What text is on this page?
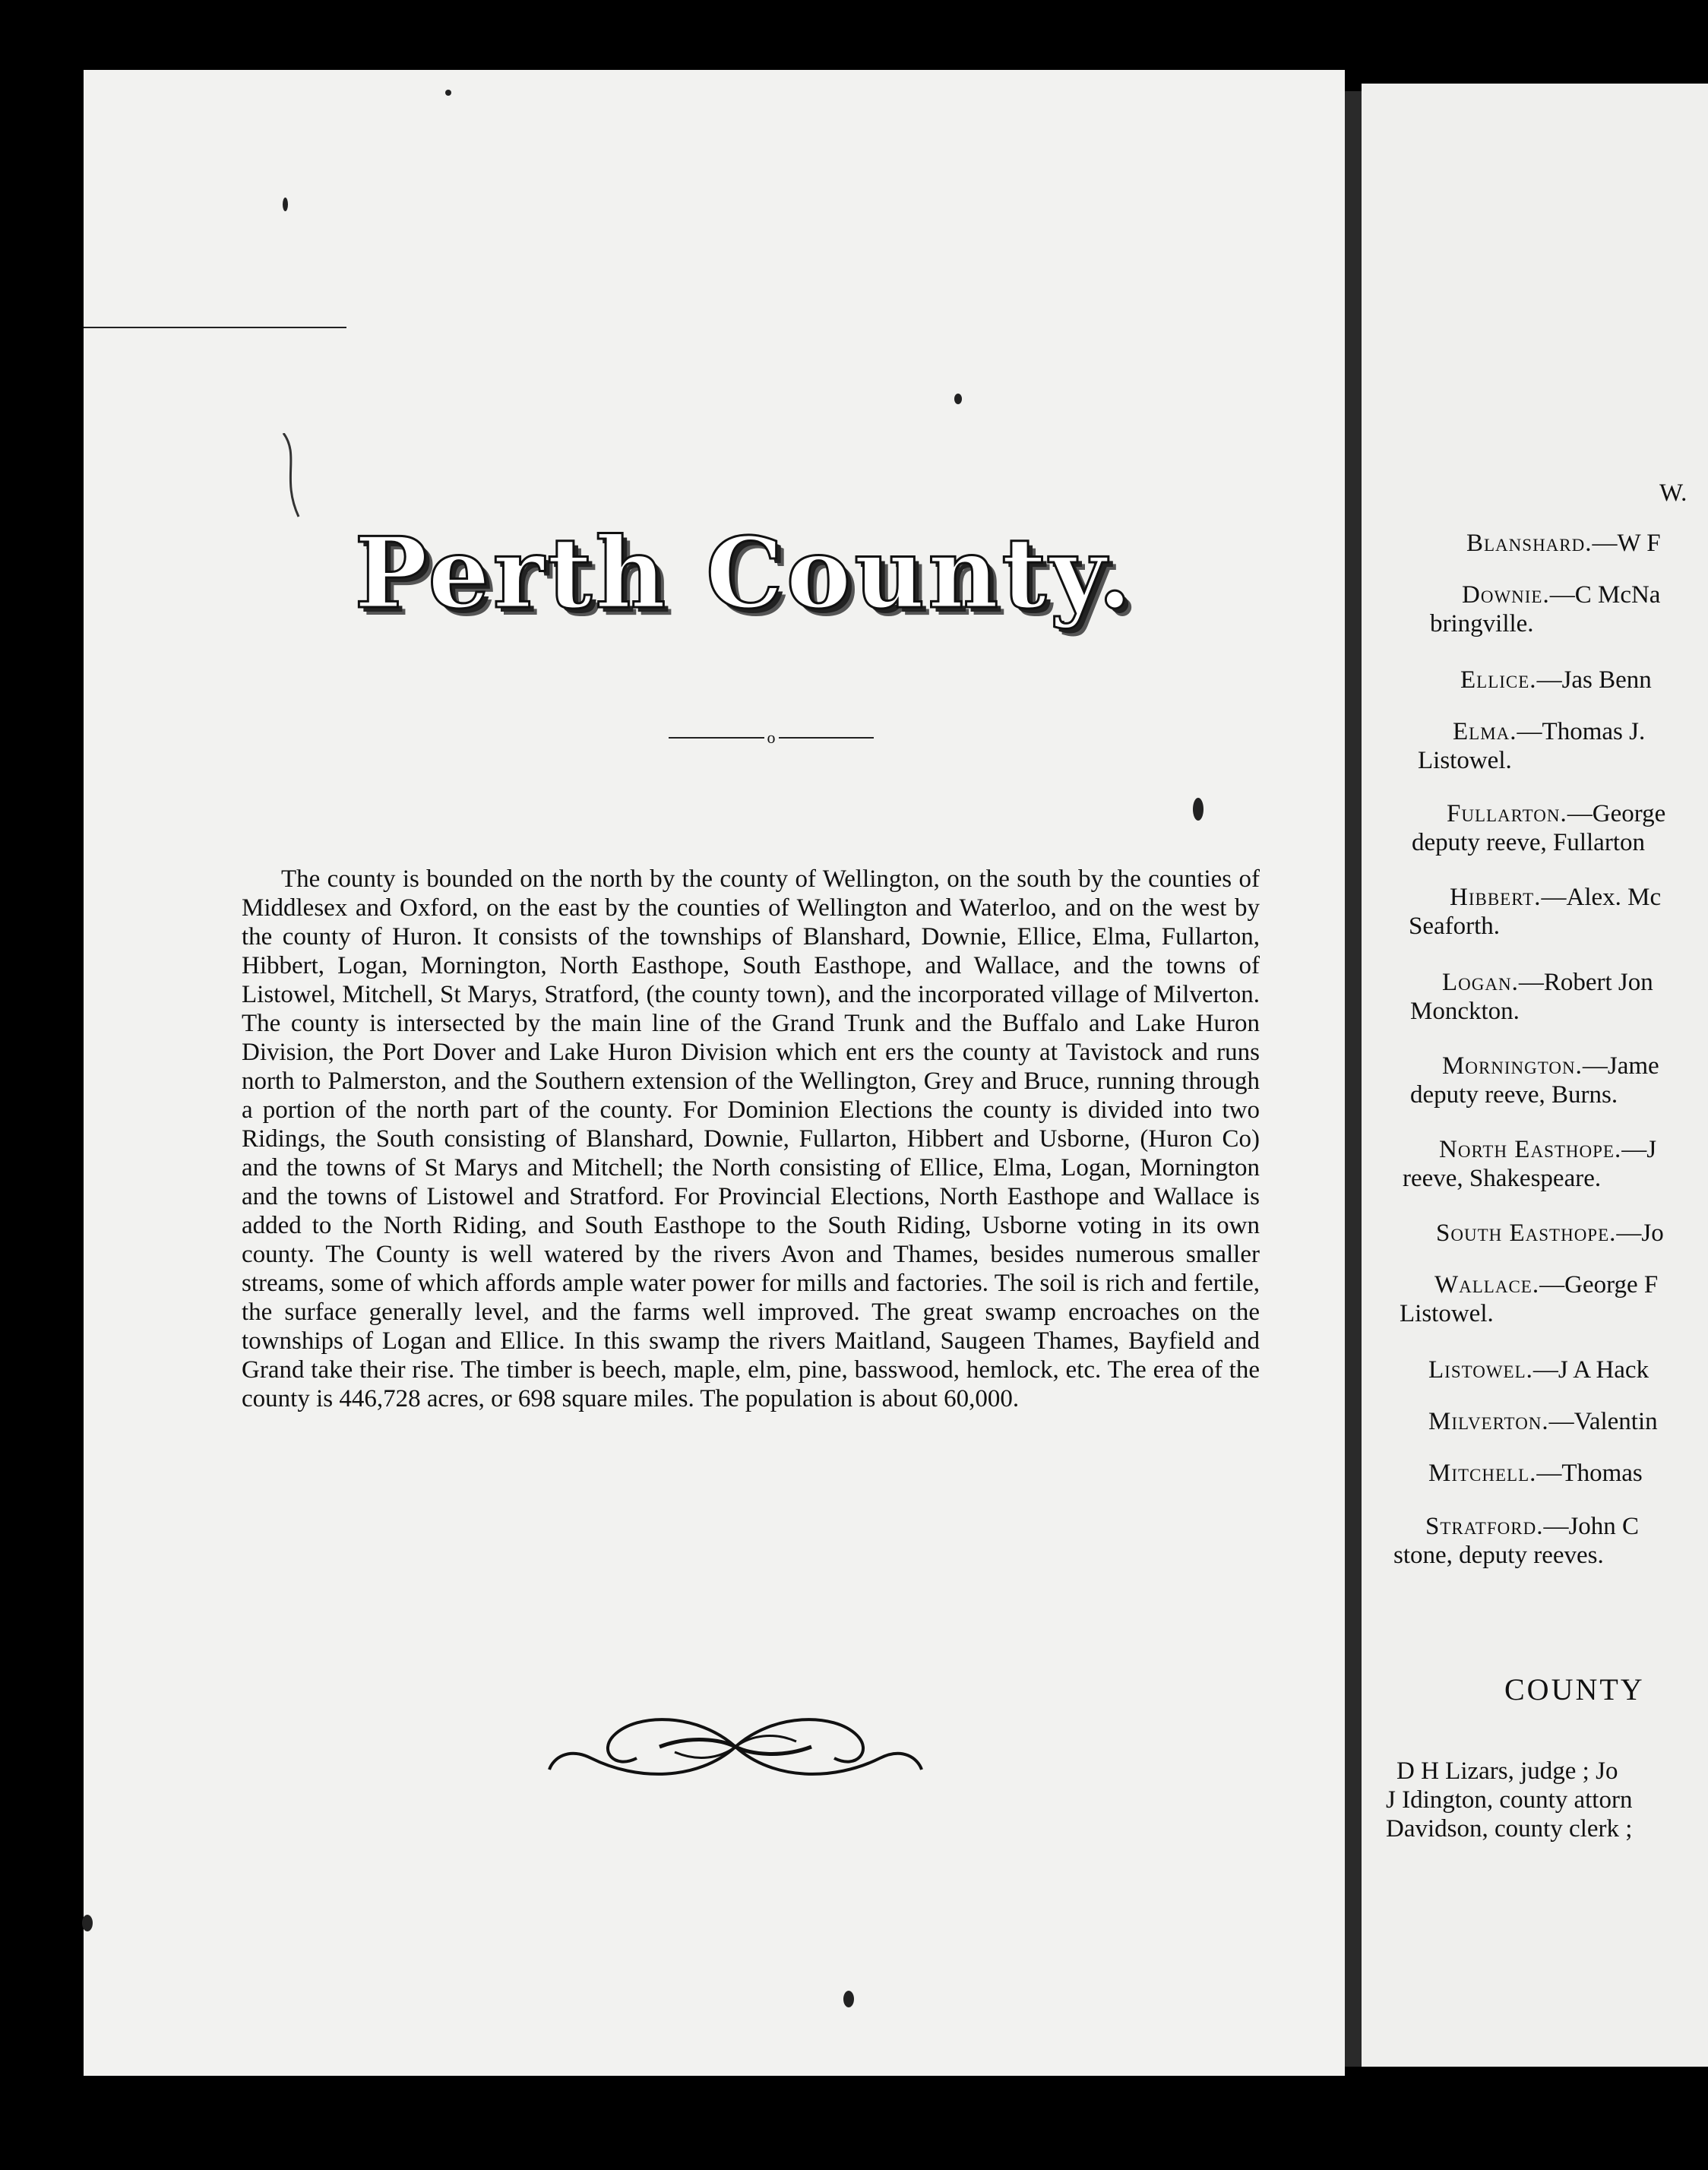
Perth County.
o

The county is bounded on the north by the county of Wellington, on the south by the counties of Middlesex and Oxford, on the east by the counties of Wellington and Waterloo, and on the west by the county of Huron. It consists of the townships of Blanshard, Downie, Ellice, Elma, Fullarton, Hibbert, Logan, Mornington, North Easthope, South Easthope, and Wallace, and the towns of Listowel, Mitchell, St Marys, Stratford, (the county town), and the incorporated village of Milverton. The county is intersected by the main line of the Grand Trunk and the Buffalo and Lake Huron Division, the Port Dover and Lake Huron Division which ent ers the county at Tavistock and runs north to Palmerston, and the Southern extension of the Wellington, Grey and Bruce, running through a portion of the north part of the county. For Dominion Elections the county is divided into two Ridings, the South consisting of Blanshard, Downie, Fullarton, Hibbert and Usborne, (Huron Co) and the towns of St Marys and Mitchell; the North consisting of Ellice, Elma, Logan, Mornington and the towns of Listowel and Stratford. For Provincial Elections, North Easthope and Wallace is added to the North Riding, and South Easthope to the South Riding, Usborne voting in its own county. The County is well watered by the rivers Avon and Thames, besides numerous smaller streams, some of which affords ample water power for mills and factories. The soil is rich and fertile, the surface generally level, and the farms well improved. The great swamp encroaches on the townships of Logan and Ellice. In this swamp the rivers Maitland, Saugeen Thames, Bayfield and Grand take their rise. The timber is beech, maple, elm, pine, basswood, hemlock, etc. The erea of the county is 446,728 acres, or 698 square miles. The population is about 60,000.

W.
Blanshard.—W F
Downie.—C McNa
bringville.
Ellice.—Jas Benn
Elma.—Thomas J.
Listowel.
Fullarton.—George
deputy reeve, Fullarton
Hibbert.—Alex. Mc
Seaforth.
Logan.—Robert Jon
Monckton.
Mornington.—Jame
deputy reeve, Burns.
North Easthope.—J
reeve, Shakespeare.
South Easthope.—Jo
Wallace.—George F
Listowel.
Listowel.—J A Hack
Milverton.—Valentin
Mitchell.—Thomas
Stratford.—John C
stone, deputy reeves.
COUNTY
D H Lizars, judge ; Jo
J Idington, county attorn
Davidson, county clerk ;
